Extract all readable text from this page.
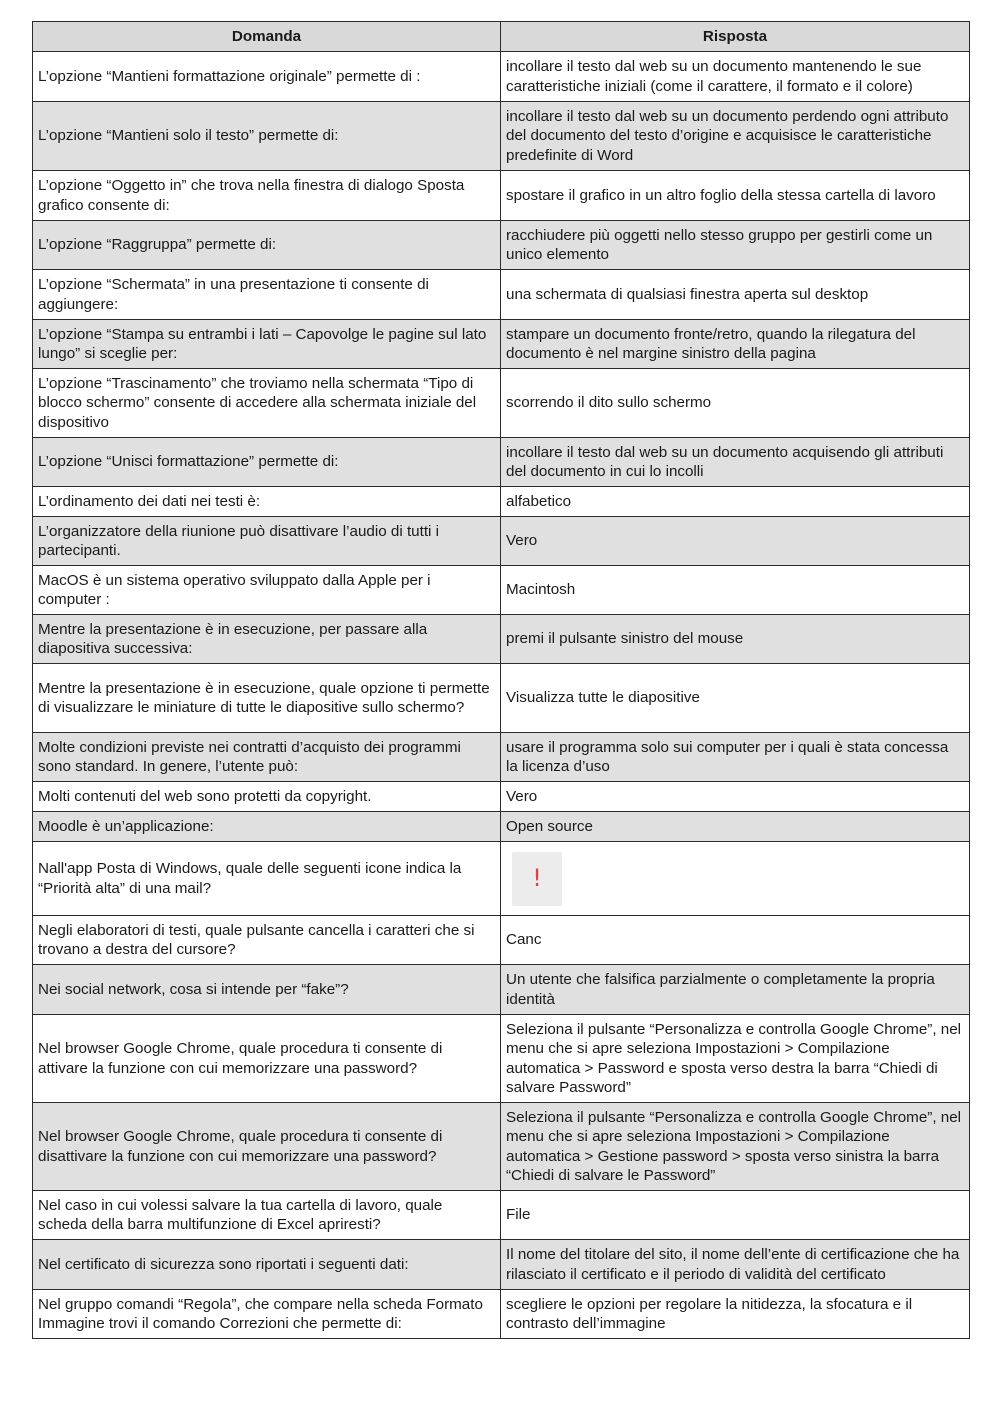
Domanda	Risposta
L’opzione “Mantieni formattazione originale” permette di :	incollare il testo dal web su un documento mantenendo le sue caratteristiche iniziali (come il carattere, il formato e il colore)
L’opzione “Mantieni solo il testo” permette di:	incollare il testo dal web su un documento perdendo ogni attributo del documento del testo d’origine e acquisisce le caratteristiche predefinite di Word
L’opzione “Oggetto in” che trova nella finestra di dialogo Sposta grafico consente di:	spostare il grafico in un altro foglio della stessa cartella di lavoro
L’opzione “Raggruppa” permette di:	racchiudere più oggetti nello stesso gruppo per gestirli come un unico elemento
L’opzione “Schermata” in una presentazione ti consente di aggiungere:	una schermata di qualsiasi finestra aperta sul desktop
L’opzione “Stampa su entrambi i lati – Capovolge le pagine sul lato lungo” si sceglie per:	stampare un documento fronte/retro, quando la rilegatura del documento è nel margine sinistro della pagina
L’opzione “Trascinamento” che troviamo nella schermata “Tipo di blocco schermo” consente di accedere alla schermata iniziale del dispositivo	scorrendo il dito sullo schermo
L’opzione “Unisci formattazione” permette di:	incollare il testo dal web su un documento acquisendo gli attributi del documento in cui lo incolli
L’ordinamento dei dati nei testi è:	alfabetico
L’organizzatore della riunione può disattivare l’audio di tutti i partecipanti.	Vero
MacOS è un sistema operativo sviluppato dalla Apple per i computer :	Macintosh
Mentre la presentazione è in esecuzione, per passare alla diapositiva successiva:	premi il pulsante sinistro del mouse
Mentre la presentazione è in esecuzione, quale opzione ti permette di visualizzare le miniature di tutte le diapositive sullo schermo?	Visualizza tutte le diapositive
Molte condizioni previste nei contratti d’acquisto dei programmi sono standard. In genere, l’utente può:	usare il programma solo sui computer per i quali è stata concessa la licenza d’uso
Molti contenuti del web sono protetti da copyright.	Vero
Moodle è un’applicazione:	Open source
Nall'app Posta di Windows, quale delle seguenti icone indica la “Priorità alta” di una mail?	!

Negli elaboratori di testi, quale pulsante cancella i caratteri che si trovano a destra del cursore?	Canc
Nei social network, cosa si intende per “fake”?	Un utente che falsifica parzialmente o completamente la propria identità
Nel browser Google Chrome, quale procedura ti consente di attivare la funzione con cui memorizzare una password?	Seleziona il pulsante “Personalizza e controlla Google Chrome”, nel menu che si apre seleziona Impostazioni > Compilazione automatica > Password e sposta verso destra la barra “Chiedi di salvare Password”
Nel browser Google Chrome, quale procedura ti consente di disattivare la funzione con cui memorizzare una password?	Seleziona il pulsante “Personalizza e controlla Google Chrome”, nel menu che si apre seleziona Impostazioni > Compilazione automatica > Gestione password > sposta verso sinistra la barra “Chiedi di salvare le Password”
Nel caso in cui volessi salvare la tua cartella di lavoro, quale scheda della barra multifunzione di Excel apriresti?	File
Nel certificato di sicurezza sono riportati i seguenti dati:	Il nome del titolare del sito, il nome dell’ente di certificazione che ha rilasciato il certificato e il periodo di validità del certificato
Nel gruppo comandi “Regola”, che compare nella scheda Formato Immagine trovi il comando Correzioni che permette di:	scegliere le opzioni per regolare la nitidezza, la sfocatura e il contrasto dell’immagine
